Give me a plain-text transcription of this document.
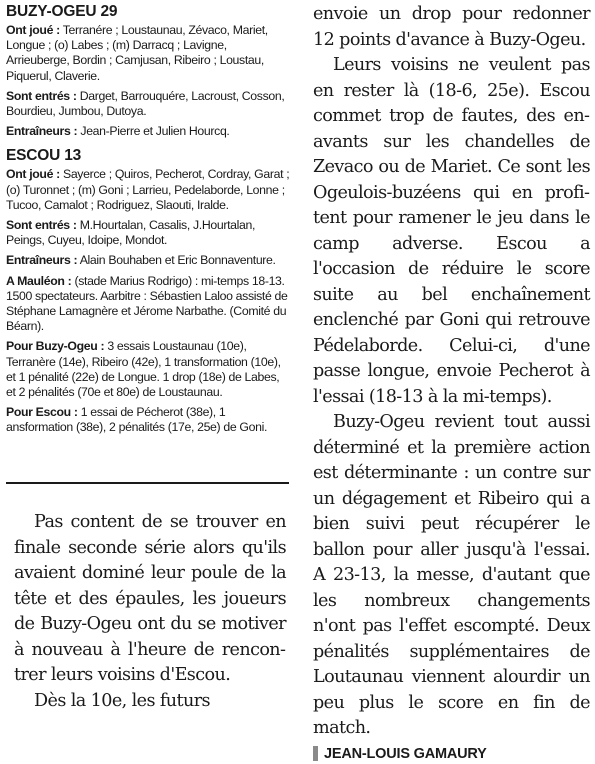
BUZY-OGEU 29
Ont joué : Terranére ; Loustaunau, Zévaco, Mariet, Longue ; (o) Labes ; (m) Darracq ; Lavigne, Arrieuberge, Bordin ; Camjusan, Ribeiro ; Loustau, Piquerul, Claverie.
Sont entrés : Darget, Barrouquére, Lacroust, Cosson, Bourdieu, Jumbou, Dutoya.
Entraîneurs : Jean-Pierre et Julien Hourcq.
ESCOU 13
Ont joué : Sayerce ; Quiros, Pecherot, Cordray, Garat ; (o) Turonnet ; (m) Goni ; Larrieu, Pedelaborde, Lonne ; Tucoo, Camalot ; Rodriguez, Slaouti, Iralde.
Sont entrés : M.Hourtalan, Casalis, J.Hourtalan, Peings, Cuyeu, Idoipe, Mondot.
Entraîneurs : Alain Bouhaben et Eric Bonnaventure.
A Mauléon : (stade Marius Rodrigo) : mi-temps 18-13. 1500 spectateurs. Aarbitre : Sébastien Laloo assisté de Stéphane Lamagnère et Jérome Narbathe. (Comité du Béarn).
Pour Buzy-Ogeu : 3 essais Loustaunau (10e), Terranère (14e), Ribeiro (42e), 1 transformation (10e), et 1 pénalité (22e) de Longue. 1 drop (18e) de Labes, et 2 pénalités (70e et 80e) de Loustaunau.
Pour Escou : 1 essai de Pécherot (38e), 1 ansformation (38e), 2 pénalités (17e, 25e) de Goni.

Pas content de se trouver en finale seconde série alors qu'ils avaient dominé leur poule de la tête et des épaules, les joueurs de Buzy-Ogeu ont du se motiver à nouveau à l'heure de rencontrer leurs voisins d'Escou.

Dès la 10e, les futurs

envoie un drop pour redonner 12 points d'avance à Buzy-Ogeu.

Leurs voisins ne veulent pas en rester là (18-6, 25e). Escou commet trop de fautes, des enavants sur les chandelles de Zevaco ou de Mariet. Ce sont les Ogeulois-buzéens qui en profitent pour ramener le jeu dans le camp adverse. Escou a l'occasion de réduire le score suite au bel enchaînement enclenché par Goni qui retrouve Pédelaborde. Celui-ci, d'une passe longue, envoie Pecherot à l'essai (18-13 à la mi-temps).

Buzy-Ogeu revient tout aussi déterminé et la première action est déterminante : un contre sur un dégagement et Ribeiro qui a bien suivi peut récupérer le ballon pour aller jusqu'à l'essai. A 23-13, la messe, d'autant que les nombreux changements n'ont pas l'effet escompté. Deux pénalités supplémentaires de Loutaunau viennent alourdir un peu plus le score en fin de match.

JEAN-LOUIS GAMAURY
